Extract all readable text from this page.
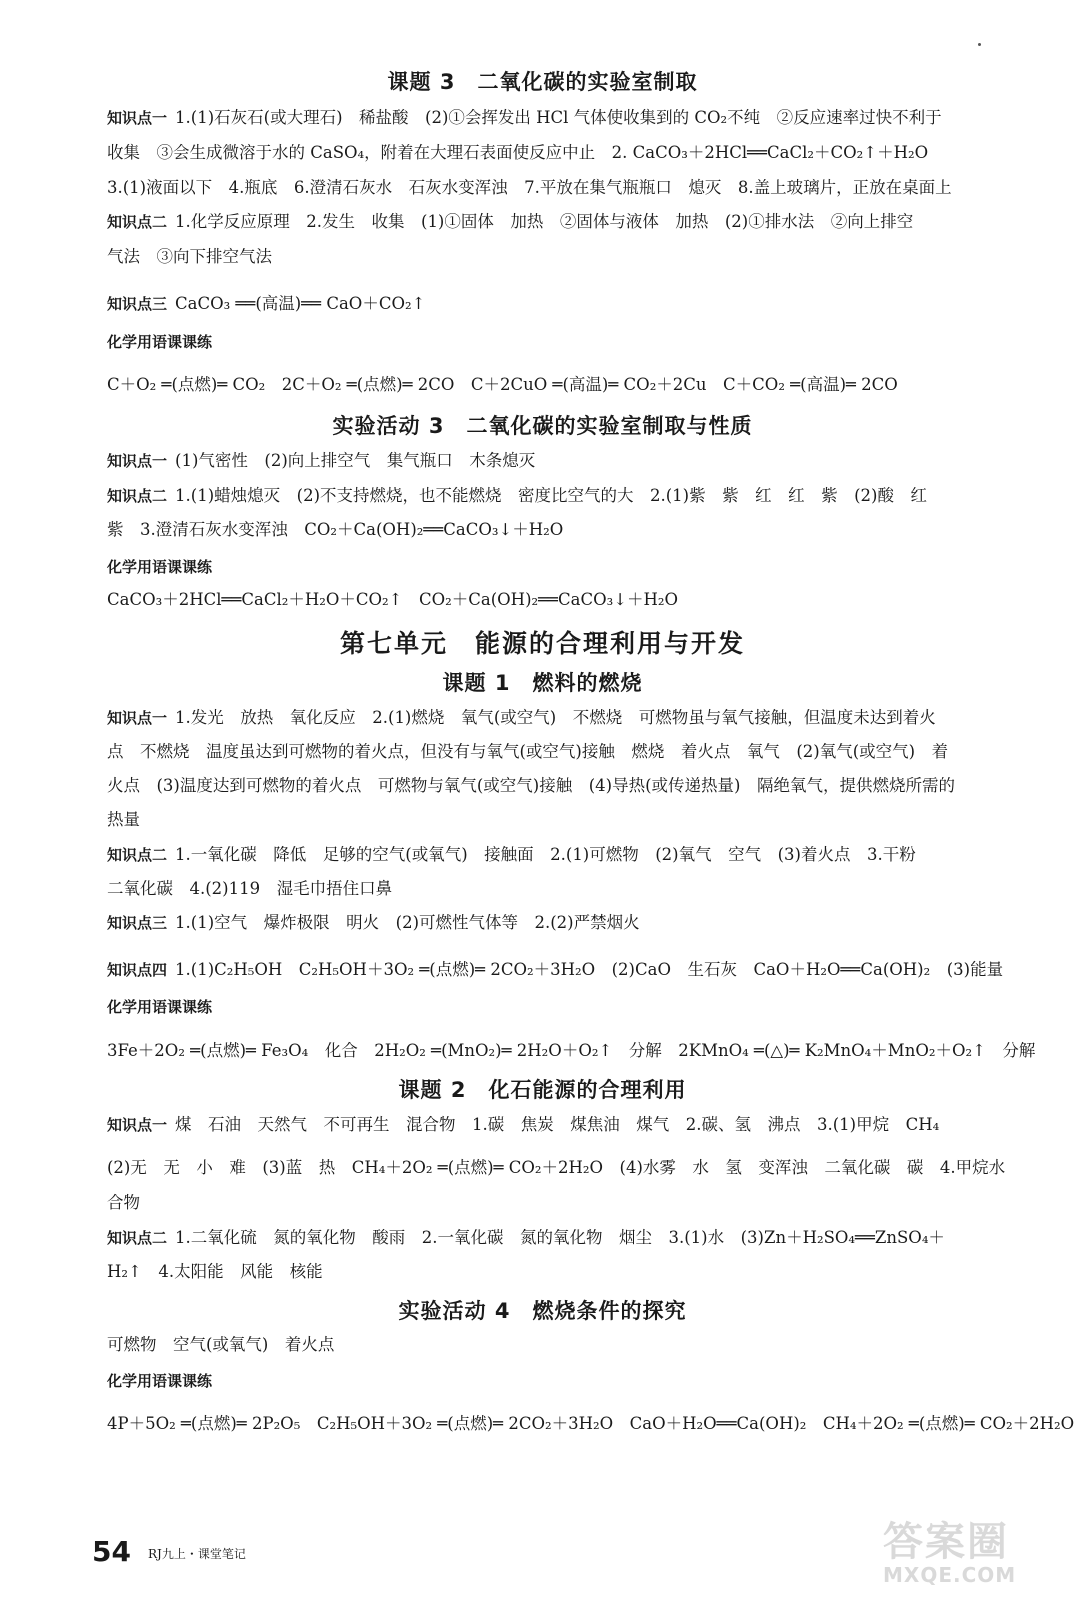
课题 3　二氧化碳的实验室制取
知识点一 1.(1)石灰石(或大理石)　稀盐酸　(2)①会挥发出 HCl 气体使收集到的 CO₂不纯　②反应速率过快不利于
收集　③会生成微溶于水的 CaSO₄，附着在大理石表面使反应中止　2. CaCO₃＋2HCl══CaCl₂＋CO₂↑＋H₂O
3.(1)液面以下　4.瓶底　6.澄清石灰水　石灰水变浑浊　7.平放在集气瓶瓶口　熄灭　8.盖上玻璃片，正放在桌面上
知识点二 1.化学反应原理　2.发生　收集　(1)①固体　加热　②固体与液体　加热　(2)①排水法　②向上排空
气法　③向下排空气法
知识点三 CaCO₃ ══(高温)══ CaO＋CO₂↑
化学用语课课练
C＋O₂ ═(点燃)═ CO₂　2C＋O₂ ═(点燃)═ 2CO　C＋2CuO ═(高温)═ CO₂＋2Cu　C＋CO₂ ═(高温)═ 2CO
实验活动 3　二氧化碳的实验室制取与性质
知识点一 (1)气密性　(2)向上排空气　集气瓶口　木条熄灭
知识点二 1.(1)蜡烛熄灭　(2)不支持燃烧，也不能燃烧　密度比空气的大　2.(1)紫　紫　红　红　紫　(2)酸　红
紫　3.澄清石灰水变浑浊　CO₂＋Ca(OH)₂══CaCO₃↓＋H₂O
化学用语课课练
CaCO₃＋2HCl══CaCl₂＋H₂O＋CO₂↑　CO₂＋Ca(OH)₂══CaCO₃↓＋H₂O
第七单元　能源的合理利用与开发
课题 1　燃料的燃烧
知识点一 1.发光　放热　氧化反应　2.(1)燃烧　氧气(或空气)　不燃烧　可燃物虽与氧气接触，但温度未达到着火
点　不燃烧　温度虽达到可燃物的着火点，但没有与氧气(或空气)接触　燃烧　着火点　氧气　(2)氧气(或空气)　着
火点　(3)温度达到可燃物的着火点　可燃物与氧气(或空气)接触　(4)导热(或传递热量)　隔绝氧气，提供燃烧所需的
热量
知识点二 1.一氧化碳　降低　足够的空气(或氧气)　接触面　2.(1)可燃物　(2)氧气　空气　(3)着火点　3.干粉
二氧化碳　4.(2)119　湿毛巾捂住口鼻
知识点三 1.(1)空气　爆炸极限　明火　(2)可燃性气体等　2.(2)严禁烟火
知识点四 1.(1)C₂H₅OH　C₂H₅OH＋3O₂ ═(点燃)═ 2CO₂＋3H₂O　(2)CaO　生石灰　CaO＋H₂O══Ca(OH)₂　(3)能量
化学用语课课练
3Fe＋2O₂ ═(点燃)═ Fe₃O₄　化合　2H₂O₂ ═(MnO₂)═ 2H₂O＋O₂↑　分解　2KMnO₄ ═(△)═ K₂MnO₄＋MnO₂＋O₂↑　分解
课题 2　化石能源的合理利用
知识点一 煤　石油　天然气　不可再生　混合物　1.碳　焦炭　煤焦油　煤气　2.碳、氢　沸点　3.(1)甲烷　CH₄
(2)无　无　小　难　(3)蓝　热　CH₄＋2O₂ ═(点燃)═ CO₂＋2H₂O　(4)水雾　水　氢　变浑浊　二氧化碳　碳　4.甲烷水
合物
知识点二 1.二氧化硫　氮的氧化物　酸雨　2.一氧化碳　氮的氧化物　烟尘　3.(1)水　(3)Zn＋H₂SO₄══ZnSO₄＋
H₂↑　4.太阳能　风能　核能
实验活动 4　燃烧条件的探究
可燃物　空气(或氧气)　着火点
化学用语课课练
4P＋5O₂ ═(点燃)═ 2P₂O₅　C₂H₅OH＋3O₂ ═(点燃)═ 2CO₂＋3H₂O　CaO＋H₂O══Ca(OH)₂　CH₄＋2O₂ ═(点燃)═ CO₂＋2H₂O
54 RJ九上・课堂笔记	答案圈
MXQE.COM
